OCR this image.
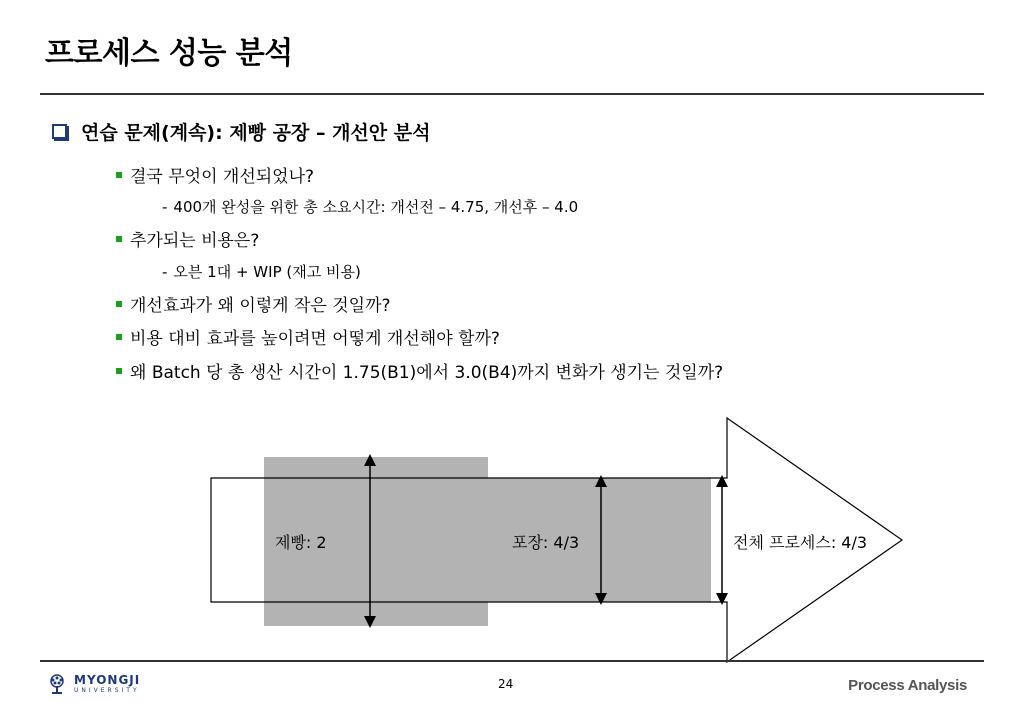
프로세스 성능 분석
연습 문제(계속): 제빵 공장 – 개선안 분석
결국 무엇이 개선되었나?
- 400개 완성을 위한 총 소요시간: 개선전 – 4.75, 개선후 – 4.0
추가되는 비용은?
- 오븐 1대 + WIP (재고 비용)
개선효과가 왜 이렇게 작은 것일까?
비용 대비 효과를 높이려면 어떻게 개선해야 할까?
왜 Batch 당 총 생산 시간이 1.75(B1)에서 3.0(B4)까지 변화가 생기는 것일까?
제빵: 2	포장: 4/3	전체 프로세스: 4/3
MYONGJI
UNIVERSITY	24	Process Analysis
